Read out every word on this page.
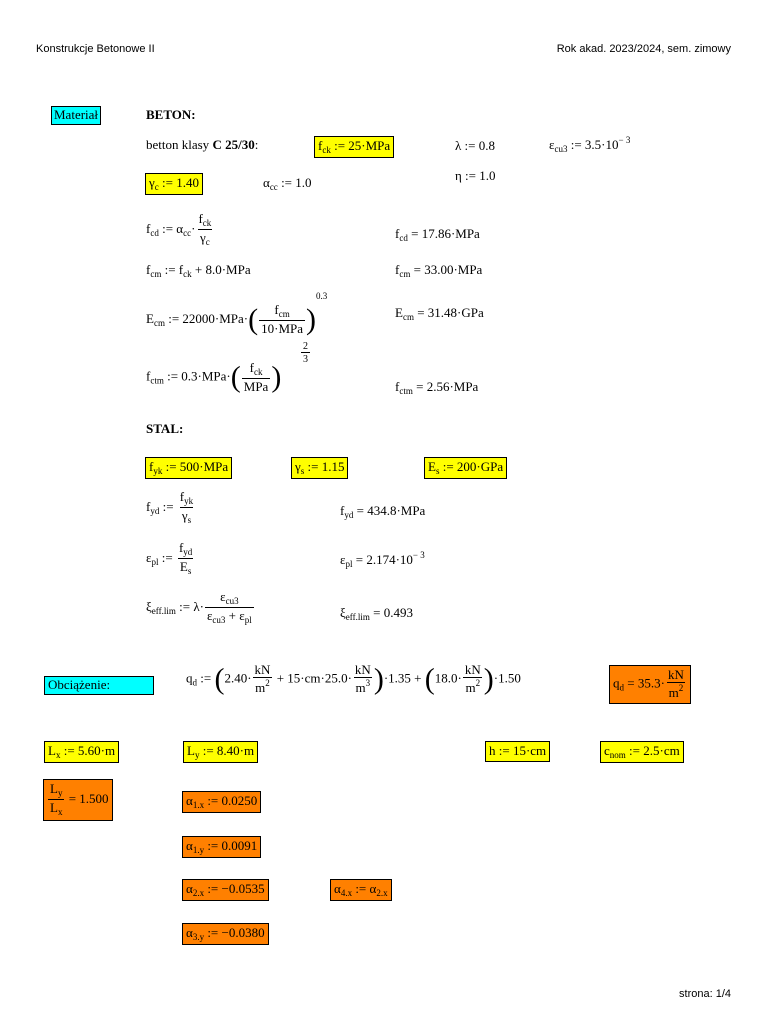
Konstrukcje Betonowe II	Rok akad. 2023/2024, sem. zimowy
Materiał	BETON:
betton klasy C 25/30:	$f_{ck}$ := 25·MPa	λ := 0.8	$\varepsilon_{cu3}$ := $3.5\cdot 10^{- 3}$
$\gamma_c$ := 1.40	$\alpha_{cc}$ := 1.0	η := 1.0
$f_{cd}$ := $\alpha_{cc}\cdot \frac{f_{ck}}{\gamma_c}$	$f_{cd} = 17.86\cdot MPa$
$f_{cm}$ := $f_{ck} + 8.0\cdot MPa$	$f_{cm} = 33.00\cdot MPa$
$E_{cm}$ := $22000\cdot MPa\cdot( \frac{f_{cm}}{\text{10·MPa}} )^{0.3}$
$E_{cm} = 31.48\cdot GPa$
$f_{ctm}$ := $0.3\cdot MPa\cdot( \frac{f_{ck}}{\text{MPa}}$ )
$\frac{2}{3}$
$f_{ctm} = 2.56\cdot MPa$
STAL:
$f_{yk}$ := 500·MPa	$\gamma_s$ := 1.15	$E_s$ := 200·GPa
$f_{yd}$ := $\frac{f_{yk}}{\gamma_s}$	$f_{yd} = 434.8\cdot MPa$
$\varepsilon_{pl}$ := $\frac{f_{yd}}{E_s}$	$\varepsilon_{pl} = 2.174\cdot 10^{- 3}$
$\xi_{eff.lim}$ := $\lambda\cdot \frac{\varepsilon_{cu3}}{\varepsilon_{cu3} + \varepsilon_{pl}}$	$\xi_{eff.lim} = 0.493$
Obciążenie:	$q_d$ := $(2.40\cdot \frac{kN}{m^2} + 15\cdot cm\cdot 25.0\cdot \frac{kN}{m^3} )\cdot 1.35 + (18.0\cdot \frac{kN}{m^2} )\cdot 1.50$	$q_d = 35.3\cdot \frac{kN}{m^2}$
$L_x$ := 5.60·m	$L_y$ := 8.40·m	h := 15·cm	$c_{nom}$ := 2.5·cm
$\frac{L_y}{L_x} = 1.500$	$\alpha_{1.x}$ := 0.0250
$\alpha_{1.y}$ := 0.0091
$\alpha_{2.x}$ := −0.0535	$\alpha_{4.x}$ := $\alpha_{2.x}$
$\alpha_{3.y}$ := −0.0380
strona: 1/4
